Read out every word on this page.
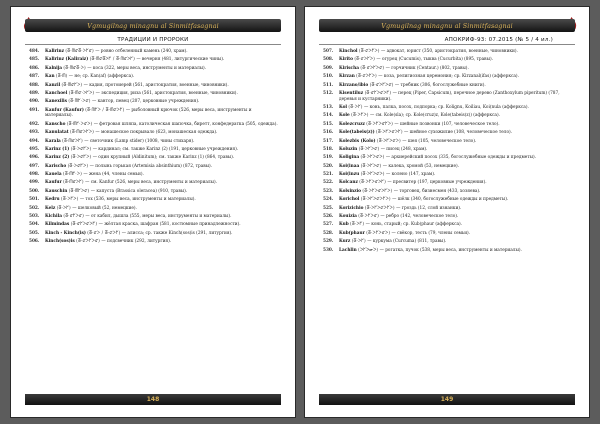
Vgmugilnag minagnu al Sinmitfasagnai
ТРАДИЦИИ И ПРОРОКИ
484.	Kalirinz (ᘔ·ᗰᓂᘔ·ᐳᖼᓂ) — ровно отбеленный камень (240, храм).
485.	Kalirinz (Kaliraiz) (ᘔ·ᗰᓂᘔᐳᖼ / ᘔ·ᗰᓂᐳᖼ) — вечерня (481, литургические чины).
486.	Kalnija (ᘔ·ᗰᓂᘔ·ᐳ) — коса (322, меры веса, инструменты и материалы).
487.	Kan (ᘔ·ᗰ) — не; ср. Kan(af) (афферкса).
488.	Kanzil (ᘔ·ᗰᓂᖼᐳ) — кадия, протоиерей (561, аристократия, военные, чиновники).
489.	Kanchoel (ᘔ·ᗰᓂ·ᐳᖼᐳ) — экспедиция, риза (561, аристократия, военные, чиновники).
490.	Kanexilis (ᘔ·ᗰᖼ·ᐳᓂ) — кантор, певец (207, церковные учреждения).
491.	Kanfur (Kaufur) (ᘔ·ᗰᖼᐳ / ᘔ·ᗰᓂᐳᖼ) — рыболовный крючок (526, меры веса, инструменты и материалы).
492.	Kanscho (ᘔ·ᗰᖼ·ᐳᓂᐳ) — фетровая шляпа, католическая шапочка, биретт, конфедератка (505, одежда).
493.	Kanulatat (ᘔ·ᗰᓂᐳᖼᐳ) — монашеское покрывало (623, монашеская одежда).
494.	Karala (ᘔ·ᗰᓂᐳᖼ) — светочник (Lamp stider) (1008, чины стихаря).
495.	Karinz (1) (ᘔ·ᐳᓂᖼᐳ) — кардинал; см. также Karinz (2) (191, церковные учреждения).
496.	Karinz (2) (ᘔ·ᐳᓂᖼᐳ) — один крупный (Aldinitum); см. также Karinz (1) (864, травы).
497.	Karischo (ᘔ·ᐳᓂᖼᐳ) — полынь горькая (Artemisia absinthium) (872, травы).
498.	Kauela (ᘔ·ᗰᖼ·ᐳ) — жена (44, члены семьи).
499.	Kaufur (ᘔ·ᗰᓂᐳᖼ) — см. Kanfur (526, меры веса, инструменты и материалы).
500.	Kauschin (ᘔ·ᗰᖼᐳᓂ) — капуста (Brassica oleracea) (910, травы).
501.	Kedru (ᘔ·ᐳᖼᐳ) — тох (536, меры веса, инструменты и материалы).
502.	Kelz (ᘔ·ᐳᖼ) — шелковый (52, немецкие).
503.	Kichila (ᘔ·ᓂᖼᐳᓂ) — от кабил, дышла (555, меры веса, инструменты и материалы).
504.	Kilmindas (ᘔ·ᓂᖼᐳᓂᐳᖼ) — жёлтая краска, шафран (581, костюмные принадлежности).
505.	Kinch - Kinch(is) (ᘔ·ᓂᐳ / ᘔ·ᓂᐳᖼ) — алисса; ср. также Kinch(sos)is (291, литургия).
506.	Kinch(sos)is (ᘔ·ᓂᐳᖼᐳᓂ) — подсвечник (292, литургия).
148
Vgmugilnag minagnu al Sinmitfasagnai
АПОКРИФ-93: 07.2015 (№ 5 / 4 ил.)
507.	Kinchol (ᘔ·ᓂᐳᖼᐳ) — адвокат, юрист (350, аристократия, военные, чиновники).
508.	Kirito (ᘔ·ᓂᐳᖼᐳ) — огурец (Cucumis), тыква (Cucurbita) (895, травы).
509.	Kirischa (ᘔ·ᓂᐳᖼᐳᓂ) — горчичник (Centaur.) (802, травы).
510.	Kirzan (ᘔ·ᓂᐳᖼᐳ) — коза, религиозная церемония; ср. Kirzanal(ifas) (афферкса).
511.	Kirzano/ibio (ᘔ·ᓂᐳᖼᐳᓂ) — требник (306, богослужебные книги).
512.	Kisentiluz (ᘔ·ᓂᖼᐳᓂᐳᖼ) — перец (Piper, Capsicum), перечное дерево (Zanthoxylum piperitum) (787, деревья и кустарники).
513.	Kol (ᘔ·ᐳᖼ) — конь, палка, посох, подпорка; ср. Kolignu, Koiliau, Koi(nula (афферкса).
514.	Kole (ᘔ·ᐳᖼᐳ) — см. Kole(sla); ср. Kole(cruz)z, Kole(tabeis(z)) (афферкса).
515.	Kolezcruzz (ᘔ·ᐳᖼᐳᓂᖼᐳ) — шейные позвонки (107, человеческое тело).
516.	Kole(tabeis(z)) (ᘔ·ᐳᖼᐳᓂᐳᖼ) — шейное сухожилие (108, человеческое тело).
517.	Kolezbis (Kolo) (ᘔ·ᐳᖼᐳᓂᐳ) — шея (105, человеческое тело).
518.	Koluzin (ᘔ·ᐳᖼᐳᓂ) — писец (248, храм).
519.	Koligina (ᘔ·ᐳᖼᐳᓂᐳ) — архиерейский посох (335, богослужебные одежды и предметы).
520.	Koi(inaa (ᘔ·ᐳᖼᐳᓂ) — калека, хромой (53, немецкие).
521.	Koi(inzu (ᘔ·ᐳᖼᐳᓂᐳ) — колено (147, храм).
522.	Kolcanz (ᘔ·ᐳᖼᐳᓂᐳᖼ) — пресвитер (197, церковные учреждения).
523.	Kolsinzio (ᘔ·ᐳᖼᐳᓂᐳᖼᐳ) — торговец, бизнесмен (433, хозяева).
524.	Korichol (ᘔ·ᐳᖼᐳᓂᐳᖼᐳ) — шёлк (340, богослужебные одежды и предметы).
525.	Korizichio (ᘔ·ᐳᖼᐳᓂᐳᖼᐳ) — гроздь (12, слой изнанки).
526.	Kouizia (ᘔ·ᐳᖼᐳᓂ) — ребро (142, человеческое тело).
527.	Kub (ᘔ·ᐳᖼ) — конь, старый; ср. Kub(phaur (афферкса).
528.	Kub(phaur (ᘔ·ᐳᖼᐳᓂᐳ) — свёкор, тесть (79, члены семьи).
529.	Kurz (ᘔ·ᐳᖼ) — куркума (Curcuma) (811, травы).
530.	Lachlin (ᐳᖼᐳᓂᐳ) — рогатка, пучок (538, меры веса, инструменты и материалы).
149
